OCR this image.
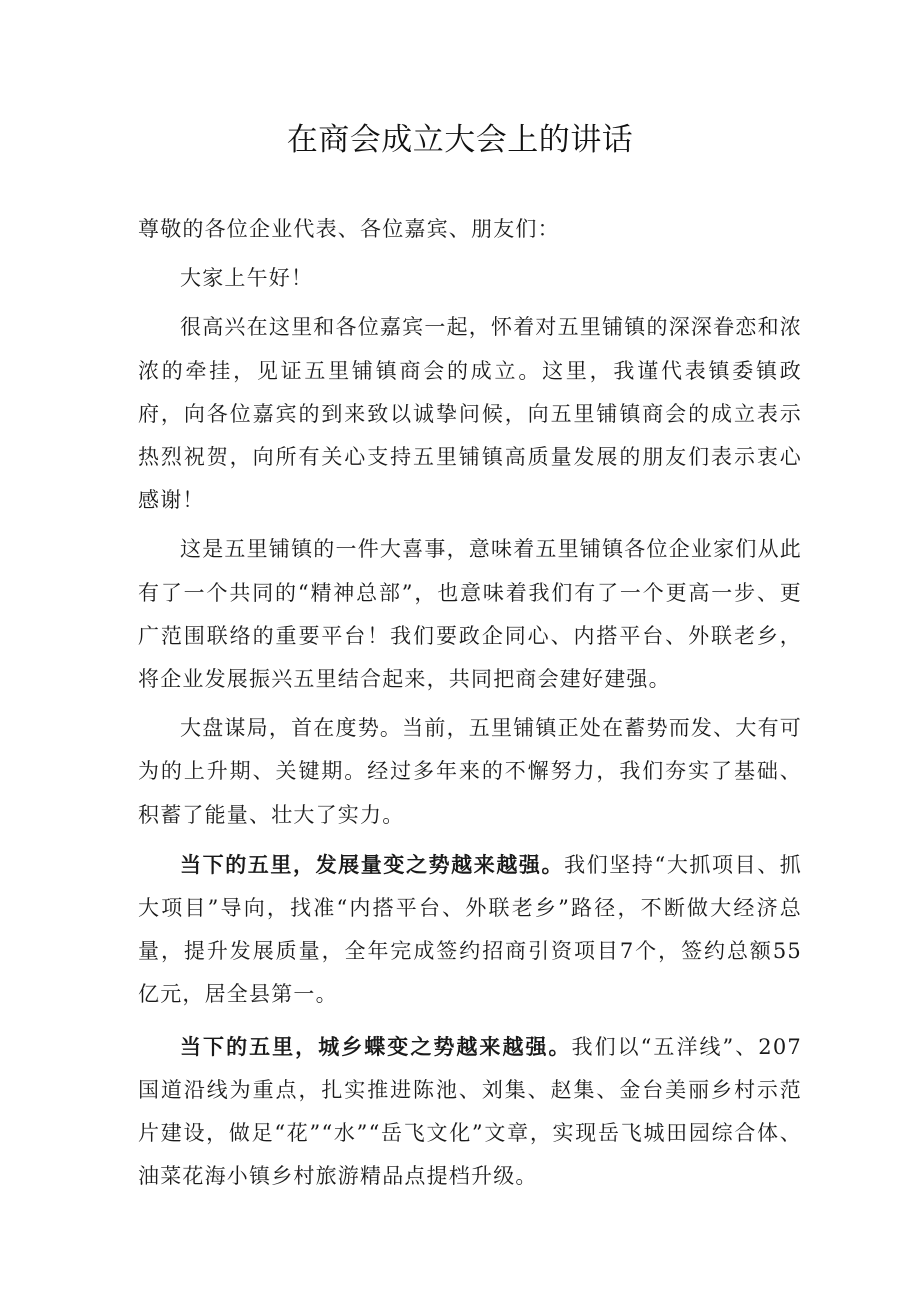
在商会成立大会上的讲话

尊敬的各位企业代表、各位嘉宾、朋友们：

大家上午好！

很高兴在这里和各位嘉宾一起，怀着对五里铺镇的深深眷恋和浓浓的牵挂，见证五里铺镇商会的成立。这里，我谨代表镇委镇政府，向各位嘉宾的到来致以诚挚问候，向五里铺镇商会的成立表示热烈祝贺，向所有关心支持五里铺镇高质量发展的朋友们表示衷心感谢！

这是五里铺镇的一件大喜事，意味着五里铺镇各位企业家们从此有了一个共同的“精神总部”，也意味着我们有了一个更高一步、更广范围联络的重要平台！我们要政企同心、内搭平台、外联老乡，将企业发展振兴五里结合起来，共同把商会建好建强。

大盘谋局，首在度势。当前，五里铺镇正处在蓄势而发、大有可为的上升期、关键期。经过多年来的不懈努力，我们夯实了基础、积蓄了能量、壮大了实力。

当下的五里，发展量变之势越来越强。我们坚持“大抓项目、抓大项目”导向，找准“内搭平台、外联老乡”路径，不断做大经济总量，提升发展质量，全年完成签约招商引资项目7个，签约总额55亿元，居全县第一。

当下的五里，城乡蝶变之势越来越强。我们以“五洋线”、207国道沿线为重点，扎实推进陈池、刘集、赵集、金台美丽乡村示范片建设，做足“花”“水”“岳飞文化”文章，实现岳飞城田园综合体、油菜花海小镇乡村旅游精品点提档升级。
